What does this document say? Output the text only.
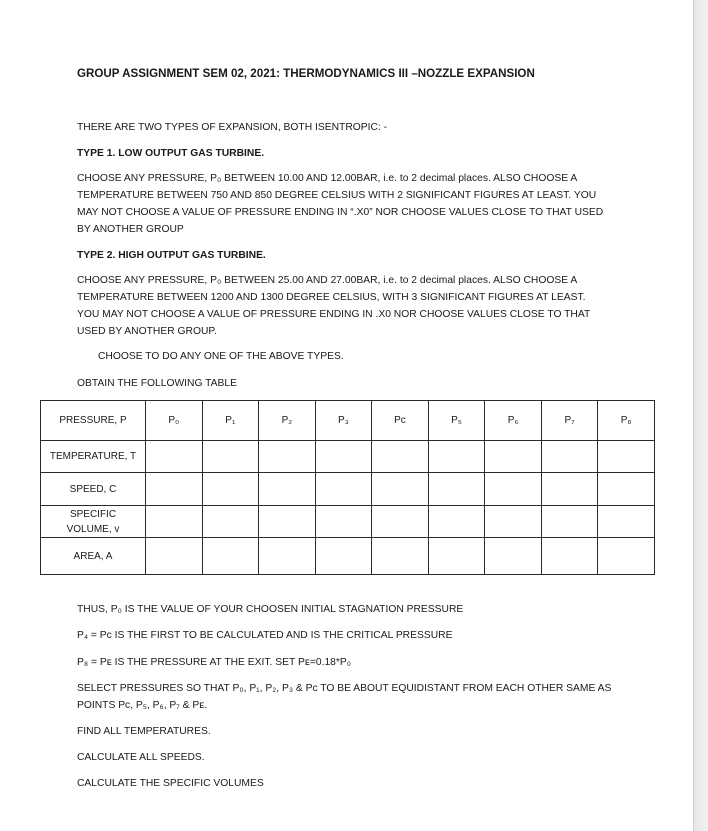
GROUP ASSIGNMENT SEM 02, 2021: THERMODYNAMICS III –NOZZLE EXPANSION

THERE ARE TWO TYPES OF EXPANSION, BOTH ISENTROPIC: -

TYPE 1. LOW OUTPUT GAS TURBINE.

CHOOSE ANY PRESSURE, P₀ BETWEEN 10.00 AND 12.00BAR, i.e. to 2 decimal places. ALSO CHOOSE A

TEMPERATURE BETWEEN 750 AND 850 DEGREE CELSIUS WITH 2 SIGNIFICANT FIGURES AT LEAST. YOU

MAY NOT CHOOSE A VALUE OF PRESSURE ENDING IN “.X0” NOR CHOOSE VALUES CLOSE TO THAT USED

BY ANOTHER GROUP

TYPE 2. HIGH OUTPUT GAS TURBINE.

CHOOSE ANY PRESSURE, P₀ BETWEEN 25.00 AND 27.00BAR, i.e. to 2 decimal places. ALSO CHOOSE A

TEMPERATURE BETWEEN 1200 AND 1300 DEGREE CELSIUS, WITH 3 SIGNIFICANT FIGURES AT LEAST.

YOU MAY NOT CHOOSE A VALUE OF PRESSURE ENDING IN .X0 NOR CHOOSE VALUES CLOSE TO THAT

USED BY ANOTHER GROUP.

CHOOSE TO DO ANY ONE OF THE ABOVE TYPES.

OBTAIN THE FOLLOWING TABLE

PRESSURE, P	P₀	P₁	P₂	P₃	Pᴄ	P₅	P₆	P₇	P₈
TEMPERATURE, T									
SPEED, C									
SPECIFIC VOLUME, v									
AREA, A									

THUS, P₀ IS THE VALUE OF YOUR CHOOSEN INITIAL STAGNATION PRESSURE

P₄ = Pᴄ IS THE FIRST TO BE CALCULATED AND IS THE CRITICAL PRESSURE

P₈ = Pᴇ IS THE PRESSURE AT THE EXIT. SET Pᴇ=0.18*P₀

SELECT PRESSURES SO THAT P₀, P₁, P₂, P₃ & Pᴄ TO BE ABOUT EQUIDISTANT FROM EACH OTHER SAME AS

POINTS Pᴄ, P₅, P₆, P₇ & Pᴇ.

FIND ALL TEMPERATURES.

CALCULATE ALL SPEEDS.

CALCULATE THE SPECIFIC VOLUMES
